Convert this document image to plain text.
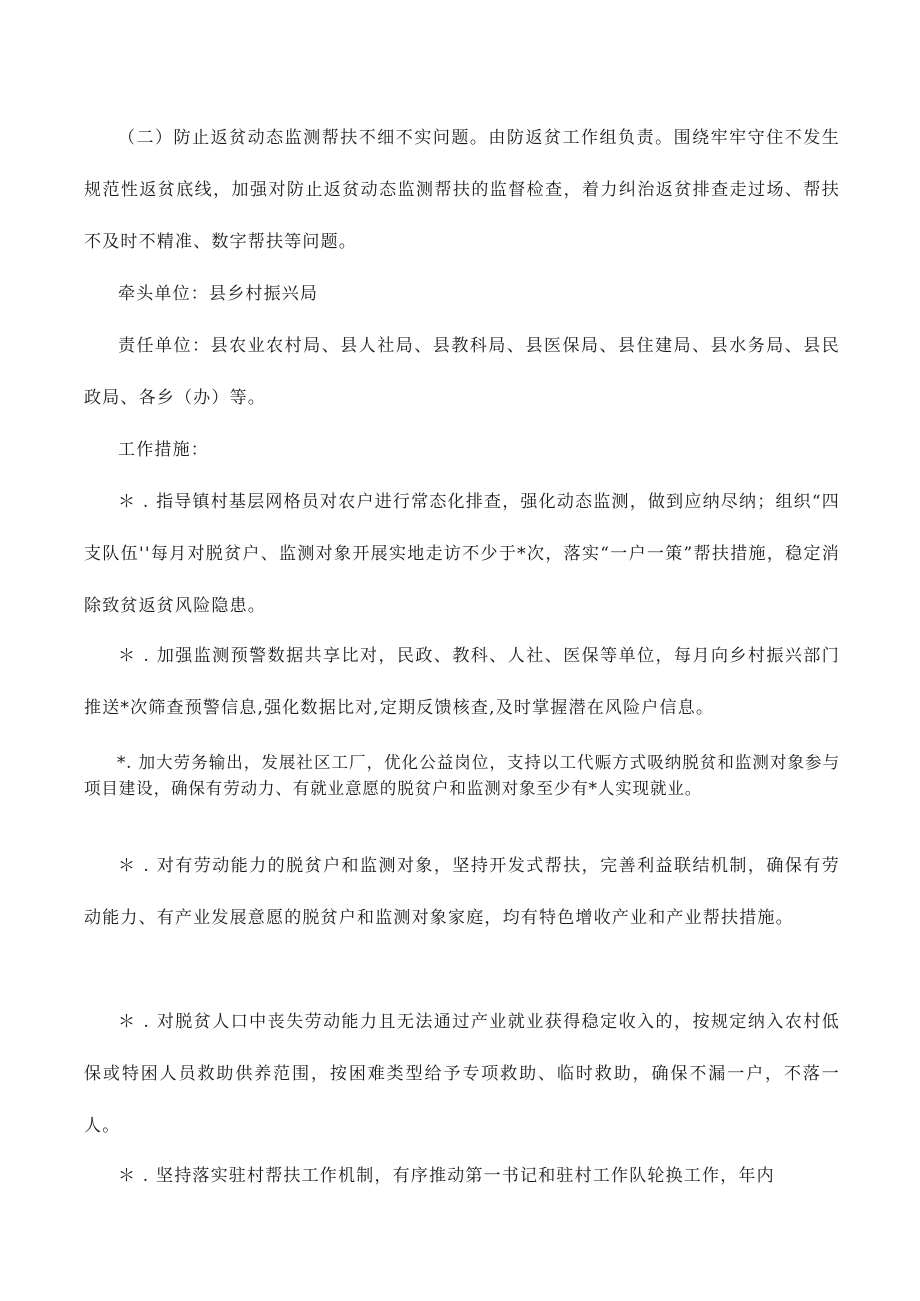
（二）防止返贫动态监测帮扶不细不实问题。由防返贫工作组负责。围绕牢牢守住不发生规范性返贫底线，加强对防止返贫动态监测帮扶的监督检查，着力纠治返贫排查走过场、帮扶不及时不精准、数字帮扶等问题。

牵头单位：县乡村振兴局

责任单位：县农业农村局、县人社局、县教科局、县医保局、县住建局、县水务局、县民政局、各乡（办）等。

工作措施：

＊ . 指导镇村基层网格员对农户进行常态化排查，强化动态监测，做到应纳尽纳；组织“四支队伍''每月对脱贫户、监测对象开展实地走访不少于*次，落实“一户一策”帮扶措施，稳定消除致贫返贫风险隐患。

＊ . 加强监测预警数据共享比对，民政、教科、人社、医保等单位，每月向乡村振兴部门推送*次筛查预警信息,强化数据比对,定期反馈核查,及时掌握潜在风险户信息。

*. 加大劳务输出，发展社区工厂，优化公益岗位，支持以工代赈方式吸纳脱贫和监测对象参与项目建设，确保有劳动力、有就业意愿的脱贫户和监测对象至少有*人实现就业。

＊ . 对有劳动能力的脱贫户和监测对象，坚持开发式帮扶，完善利益联结机制，确保有劳动能力、有产业发展意愿的脱贫户和监测对象家庭，均有特色增收产业和产业帮扶措施。

＊ . 对脱贫人口中丧失劳动能力且无法通过产业就业获得稳定收入的，按规定纳入农村低保或特困人员救助供养范围，按困难类型给予专项救助、临时救助，确保不漏一户，不落一人。

＊ . 坚持落实驻村帮扶工作机制，有序推动第一书记和驻村工作队轮换工作，年内
